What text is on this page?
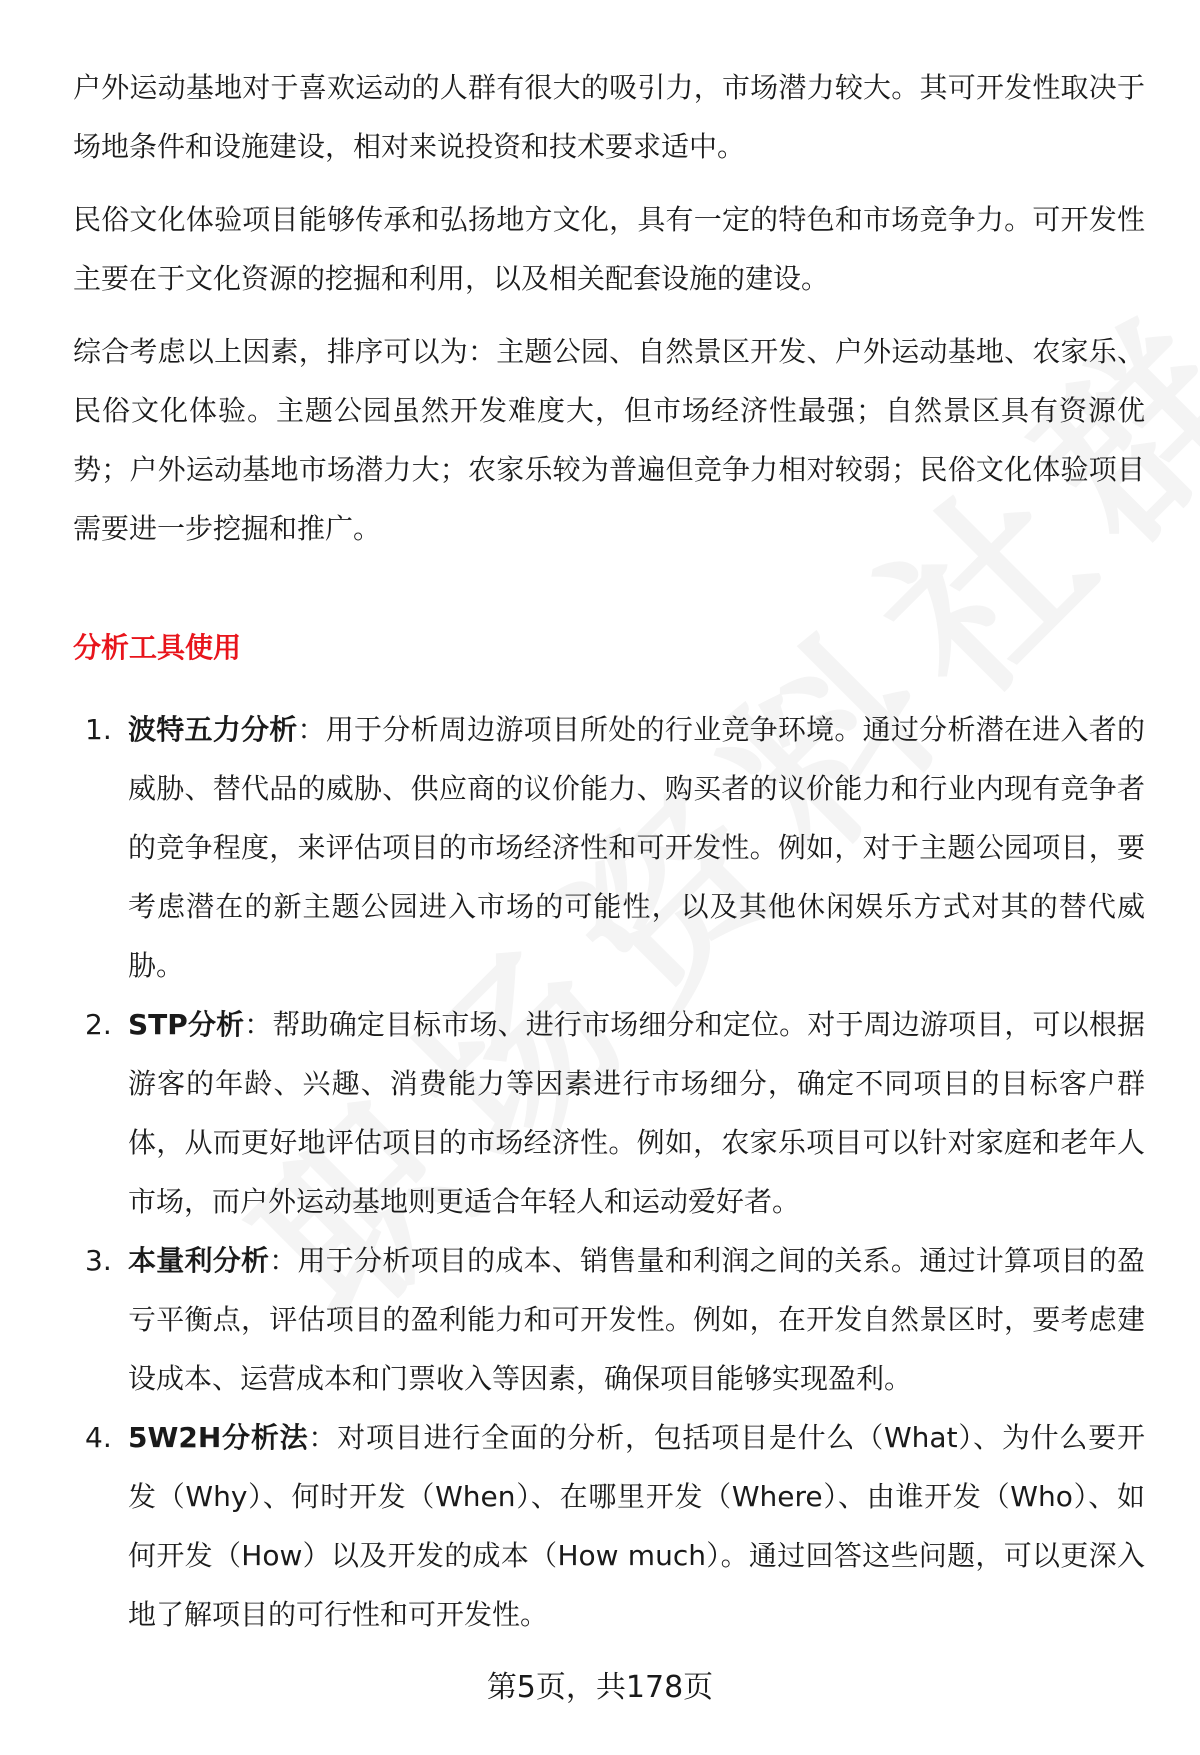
户外运动基地对于喜欢运动的人群有很大的吸引力，市场潜力较大。其可开发性取决于场地条件和设施建设，相对来说投资和技术要求适中。

民俗文化体验项目能够传承和弘扬地方文化，具有一定的特色和市场竞争力。可开发性主要在于文化资源的挖掘和利用，以及相关配套设施的建设。

综合考虑以上因素，排序可以为：主题公园、自然景区开发、户外运动基地、农家乐、民俗文化体验。主题公园虽然开发难度大，但市场经济性最强；自然景区具有资源优势；户外运动基地市场潜力大；农家乐较为普遍但竞争力相对较弱；民俗文化体验项目需要进一步挖掘和推广。

分析工具使用
1. 波特五力分析：用于分析周边游项目所处的行业竞争环境。通过分析潜在进入者的威胁、替代品的威胁、供应商的议价能力、购买者的议价能力和行业内现有竞争者的竞争程度，来评估项目的市场经济性和可开发性。例如，对于主题公园项目，要考虑潜在的新主题公园进入市场的可能性，以及其他休闲娱乐方式对其的替代威胁。
2. STP分析：帮助确定目标市场、进行市场细分和定位。对于周边游项目，可以根据游客的年龄、兴趣、消费能力等因素进行市场细分，确定不同项目的目标客户群体，从而更好地评估项目的市场经济性。例如，农家乐项目可以针对家庭和老年人市场，而户外运动基地则更适合年轻人和运动爱好者。
3. 本量利分析：用于分析项目的成本、销售量和利润之间的关系。通过计算项目的盈亏平衡点，评估项目的盈利能力和可开发性。例如，在开发自然景区时，要考虑建设成本、运营成本和门票收入等因素，确保项目能够实现盈利。
4. 5W2H分析法：对项目进行全面的分析，包括项目是什么（What）、为什么要开发（Why）、何时开发（When）、在哪里开发（Where）、由谁开发（Who）、如何开发（How）以及开发的成本（How much）。通过回答这些问题，可以更深入地了解项目的可行性和可开发性。
第5页，共178页
